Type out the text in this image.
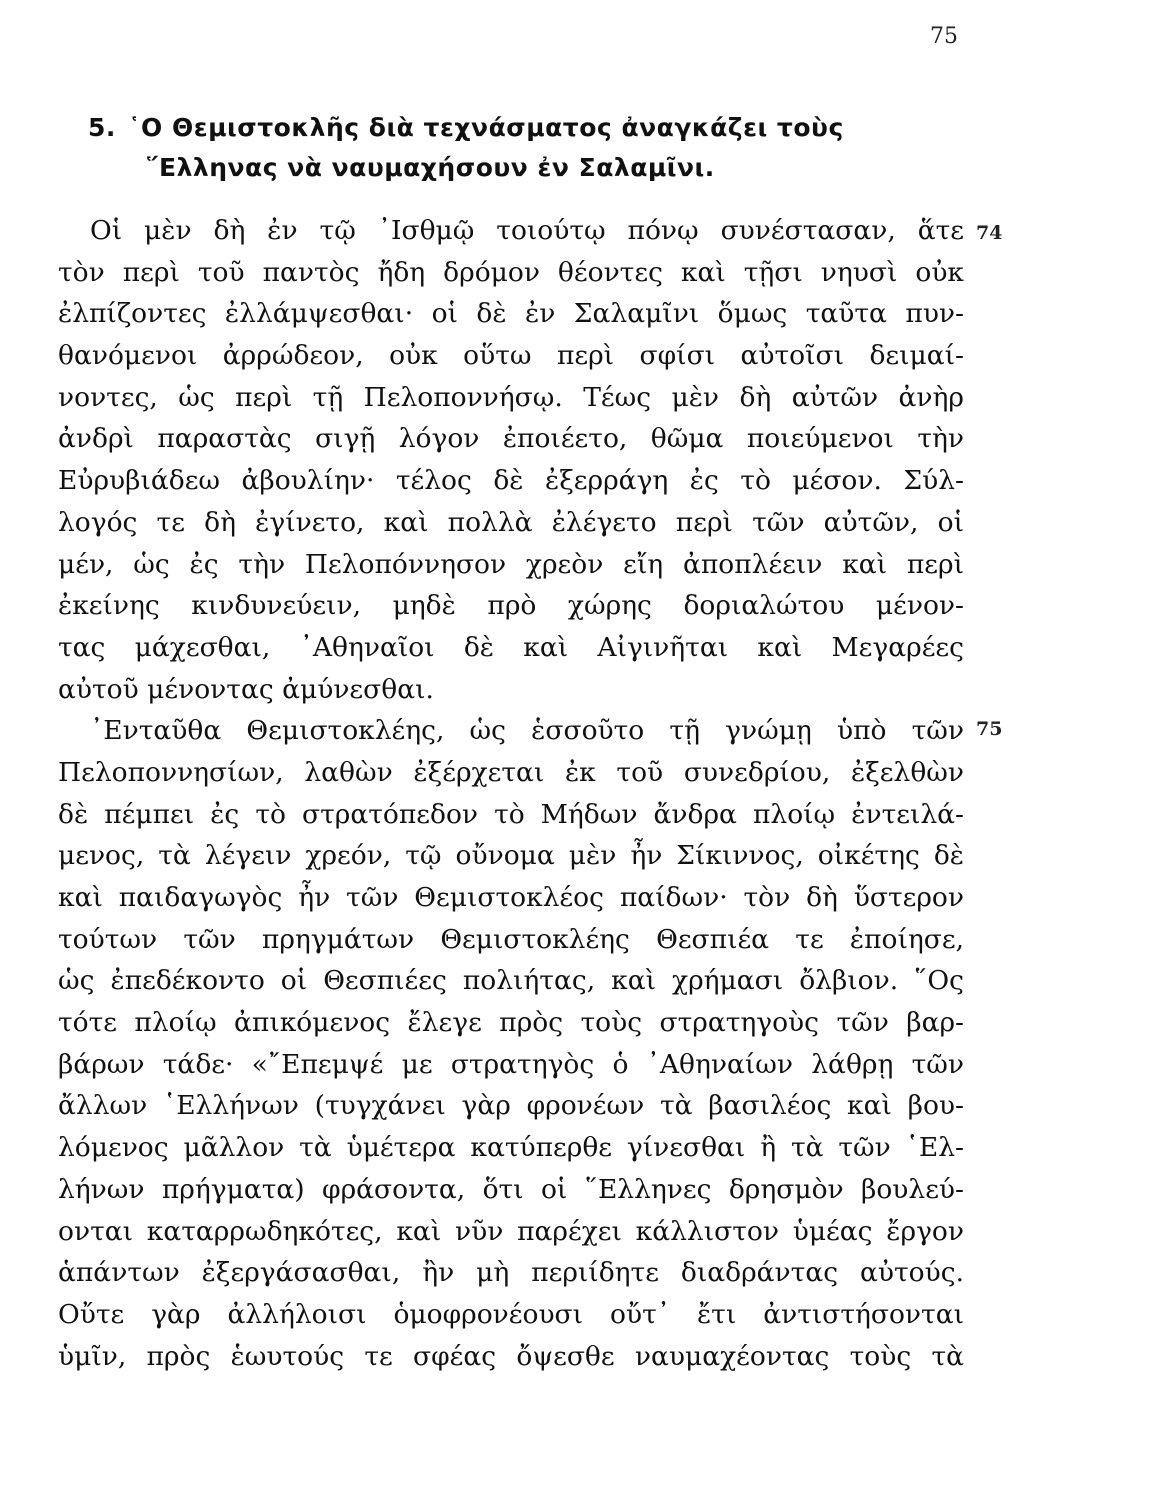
75
5. ῾Ο Θεμιστοκλῆς διὰ τεχνάσματος ἀναγκάζει τοὺς
῞Ελληνας νὰ ναυμαχήσουν ἐν Σαλαμῖνι.
74
75
Οἱ μὲν δὴ ἐν τῷ ᾿Ισθμῷ τοιούτῳ πόνῳ συνέστασαν, ἅτε
τὸν περὶ τοῦ παντὸς ἤδη δρόμον θέοντες καὶ τῇσι νηυσὶ οὐκ
ἐλπίζοντες ἐλλάμψεσθαι· οἱ δὲ ἐν Σαλαμῖνι ὅμως ταῦτα πυν-
θανόμενοι ἀρρώδεον, οὐκ οὕτω περὶ σφίσι αὐτοῖσι δειμαί-
νοντες, ὡς περὶ τῇ Πελοποννήσῳ. Τέως μὲν δὴ αὐτῶν ἀνὴρ
ἀνδρὶ παραστὰς σιγῇ λόγον ἐποιέετο, θῶμα ποιεύμενοι τὴν
Εὐρυβιάδεω ἀβουλίην· τέλος δὲ ἐξερράγη ἐς τὸ μέσον. Σύλ-
λογός τε δὴ ἐγίνετο, καὶ πολλὰ ἐλέγετο περὶ τῶν αὐτῶν, οἱ
μέν, ὡς ἐς τὴν Πελοπόννησον χρεὸν εἴη ἀποπλέειν καὶ περὶ
ἐκείνης κινδυνεύειν, μηδὲ πρὸ χώρης δοριαλώτου μένον-
τας μάχεσθαι, ᾿Αθηναῖοι δὲ καὶ Αἰγινῆται καὶ Μεγαρέες
αὐτοῦ μένοντας ἀμύνεσθαι.
᾿Ενταῦθα Θεμιστοκλέης, ὡς ἑσσοῦτο τῇ γνώμῃ ὑπὸ τῶν
Πελοποννησίων, λαθὼν ἐξέρχεται ἐκ τοῦ συνεδρίου, ἐξελθὼν
δὲ πέμπει ἐς τὸ στρατόπεδον τὸ Μήδων ἄνδρα πλοίῳ ἐντειλά-
μενος, τὰ λέγειν χρεόν, τῷ οὔνομα μὲν ἦν Σίκιννος, οἰκέτης δὲ
καὶ παιδαγωγὸς ἦν τῶν Θεμιστοκλέος παίδων· τὸν δὴ ὕστερον
τούτων τῶν πρηγμάτων Θεμιστοκλέης Θεσπιέα τε ἐποίησε,
ὡς ἐπεδέκοντο οἱ Θεσπιέες πολιήτας, καὶ χρήμασι ὄλβιον. ῞Ος
τότε πλοίῳ ἀπικόμενος ἔλεγε πρὸς τοὺς στρατηγοὺς τῶν βαρ-
βάρων τάδε· «῎Επεμψέ με στρατηγὸς ὁ ᾿Αθηναίων λάθρῃ τῶν
ἄλλων ῾Ελλήνων (τυγχάνει γὰρ φρονέων τὰ βασιλέος καὶ βου-
λόμενος μᾶλλον τὰ ὑμέτερα κατύπερθε γίνεσθαι ἢ τὰ τῶν ῾Ελ-
λήνων πρήγματα) φράσοντα, ὅτι οἱ ῞Ελληνες δρησμὸν βουλεύ-
ονται καταρρωδηκότες, καὶ νῦν παρέχει κάλλιστον ὑμέας ἔργον
ἁπάντων ἐξεργάσασθαι, ἢν μὴ περιίδητε διαδράντας αὐτούς.
Οὔτε γὰρ ἀλλήλοισι ὁμοφρονέουσι οὔτ᾿ ἔτι ἀντιστήσονται
ὑμῖν, πρὸς ἑωυτούς τε σφέας ὄψεσθε ναυμαχέοντας τοὺς τὰ
